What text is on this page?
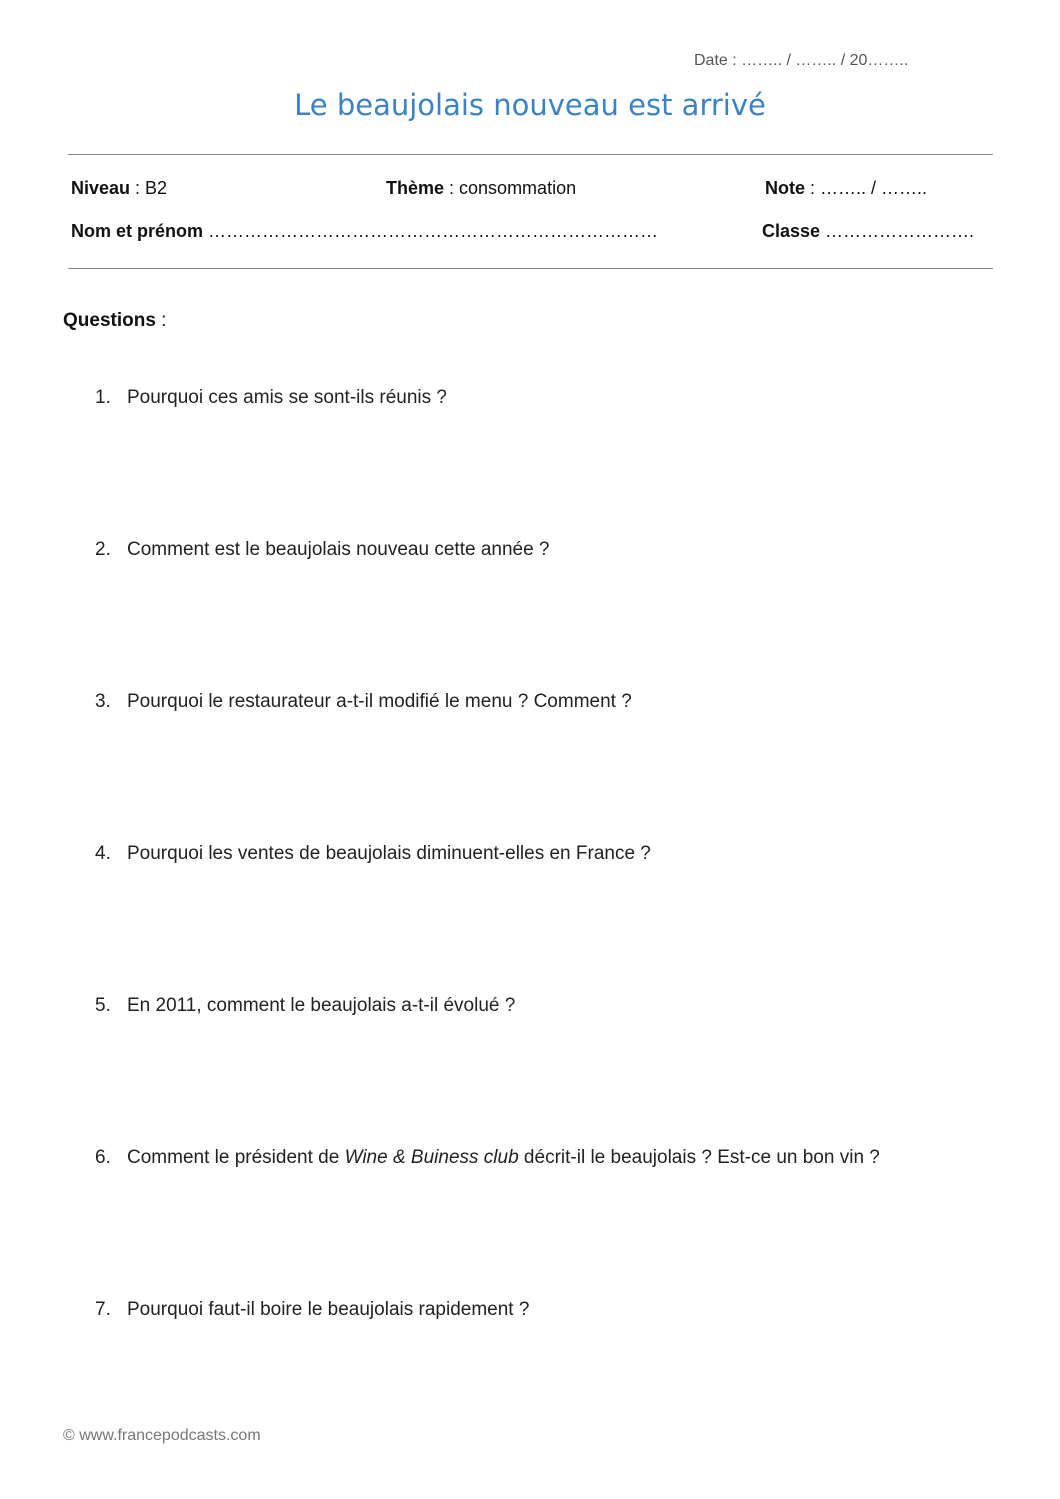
Date : …….. / …….. / 20……..
Le beaujolais nouveau est arrivé
Niveau : B2	Thème : consommation	Note : …….. / ……..
Nom et prénom …………………………………………………………………	Classe …………………….
Questions :
1. Pourquoi ces amis se sont-ils réunis ?
2. Comment est le beaujolais nouveau cette année ?
3. Pourquoi le restaurateur a-t-il modifié le menu ? Comment ?
4. Pourquoi les ventes de beaujolais diminuent-elles en France ?
5. En 2011, comment le beaujolais a-t-il évolué ?
6. Comment le président de Wine & Buiness club décrit-il le beaujolais ? Est-ce un bon vin ?
7. Pourquoi faut-il boire le beaujolais rapidement ?
© www.francepodcasts.com
